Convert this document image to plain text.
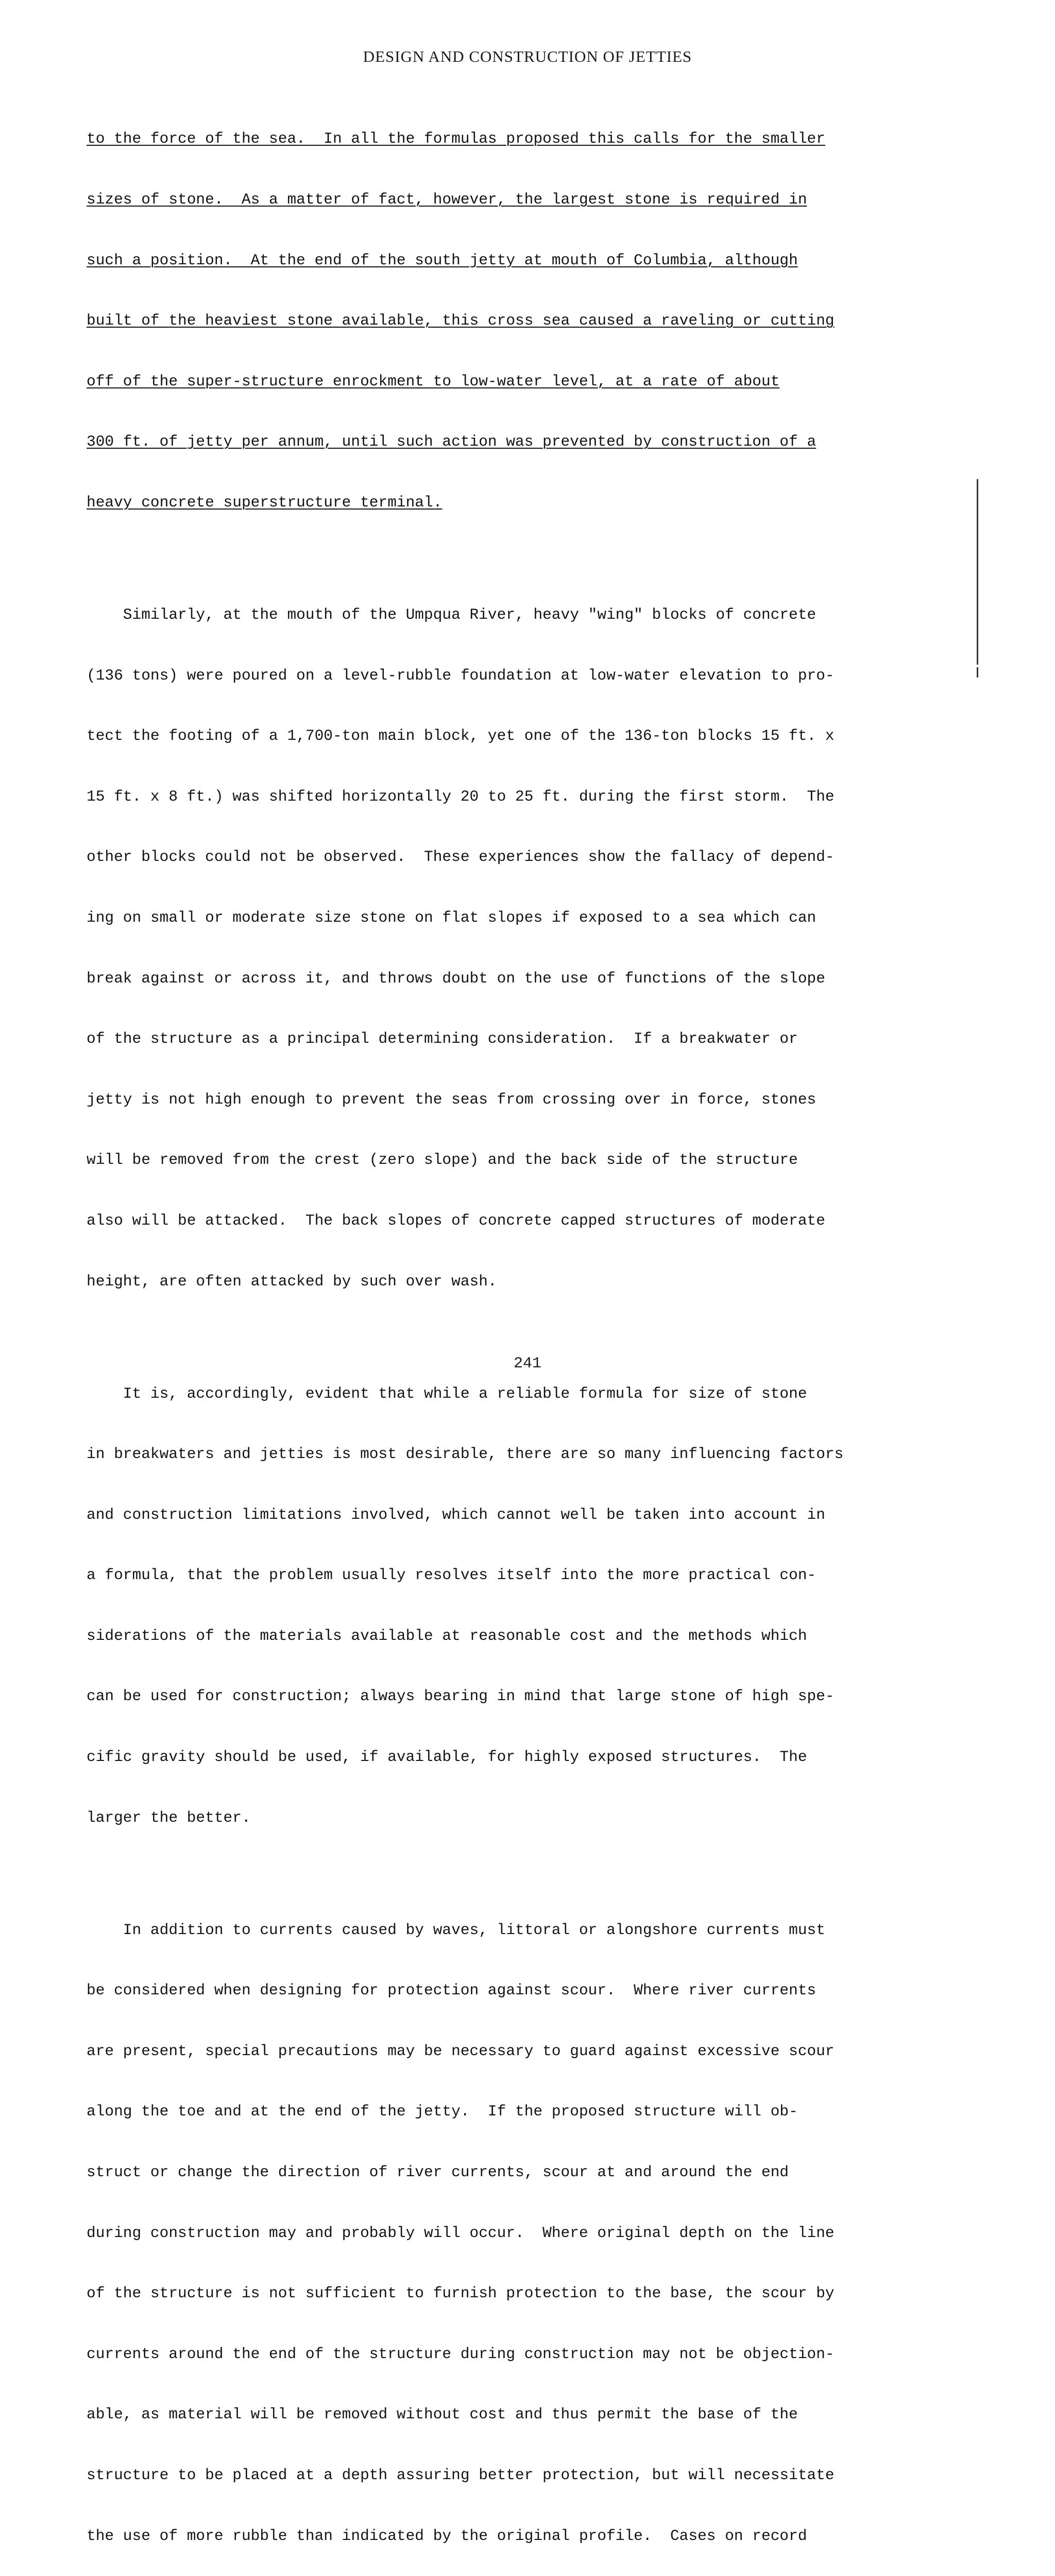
DESIGN AND CONSTRUCTION OF JETTIES

to the force of the sea.  In all the formulas proposed this calls for the smaller

sizes of stone.  As a matter of fact, however, the largest stone is required in

such a position.  At the end of the south jetty at mouth of Columbia, although

built of the heaviest stone available, this cross sea caused a raveling or cutting

off of the super-structure enrockment to low-water level, at a rate of about

300 ft. of jetty per annum, until such action was prevented by construction of a

heavy concrete superstructure terminal.

Similarly, at the mouth of the Umpqua River, heavy "wing" blocks of concrete

(136 tons) were poured on a level-rubble foundation at low-water elevation to pro-

tect the footing of a 1,700-ton main block, yet one of the 136-ton blocks 15 ft. x

15 ft. x 8 ft.) was shifted horizontally 20 to 25 ft. during the first storm.  The

other blocks could not be observed.  These experiences show the fallacy of depend-

ing on small or moderate size stone on flat slopes if exposed to a sea which can

break against or across it, and throws doubt on the use of functions of the slope

of the structure as a principal determining consideration.  If a breakwater or

jetty is not high enough to prevent the seas from crossing over in force, stones

will be removed from the crest (zero slope) and the back side of the structure

also will be attacked.  The back slopes of concrete capped structures of moderate

height, are often attacked by such over wash.

It is, accordingly, evident that while a reliable formula for size of stone

in breakwaters and jetties is most desirable, there are so many influencing factors

and construction limitations involved, which cannot well be taken into account in

a formula, that the problem usually resolves itself into the more practical con-

siderations of the materials available at reasonable cost and the methods which

can be used for construction; always bearing in mind that large stone of high spe-

cific gravity should be used, if available, for highly exposed structures.  The

larger the better.

In addition to currents caused by waves, littoral or alongshore currents must

be considered when designing for protection against scour.  Where river currents

are present, special precautions may be necessary to guard against excessive scour

along the toe and at the end of the jetty.  If the proposed structure will ob-

struct or change the direction of river currents, scour at and around the end

during construction may and probably will occur.  Where original depth on the line

of the structure is not sufficient to furnish protection to the base, the scour by

currents around the end of the structure during construction may not be objection-

able, as material will be removed without cost and thus permit the base of the

structure to be placed at a depth assuring better protection, but will necessitate

the use of more rubble than indicated by the original profile.  Cases on record

241
